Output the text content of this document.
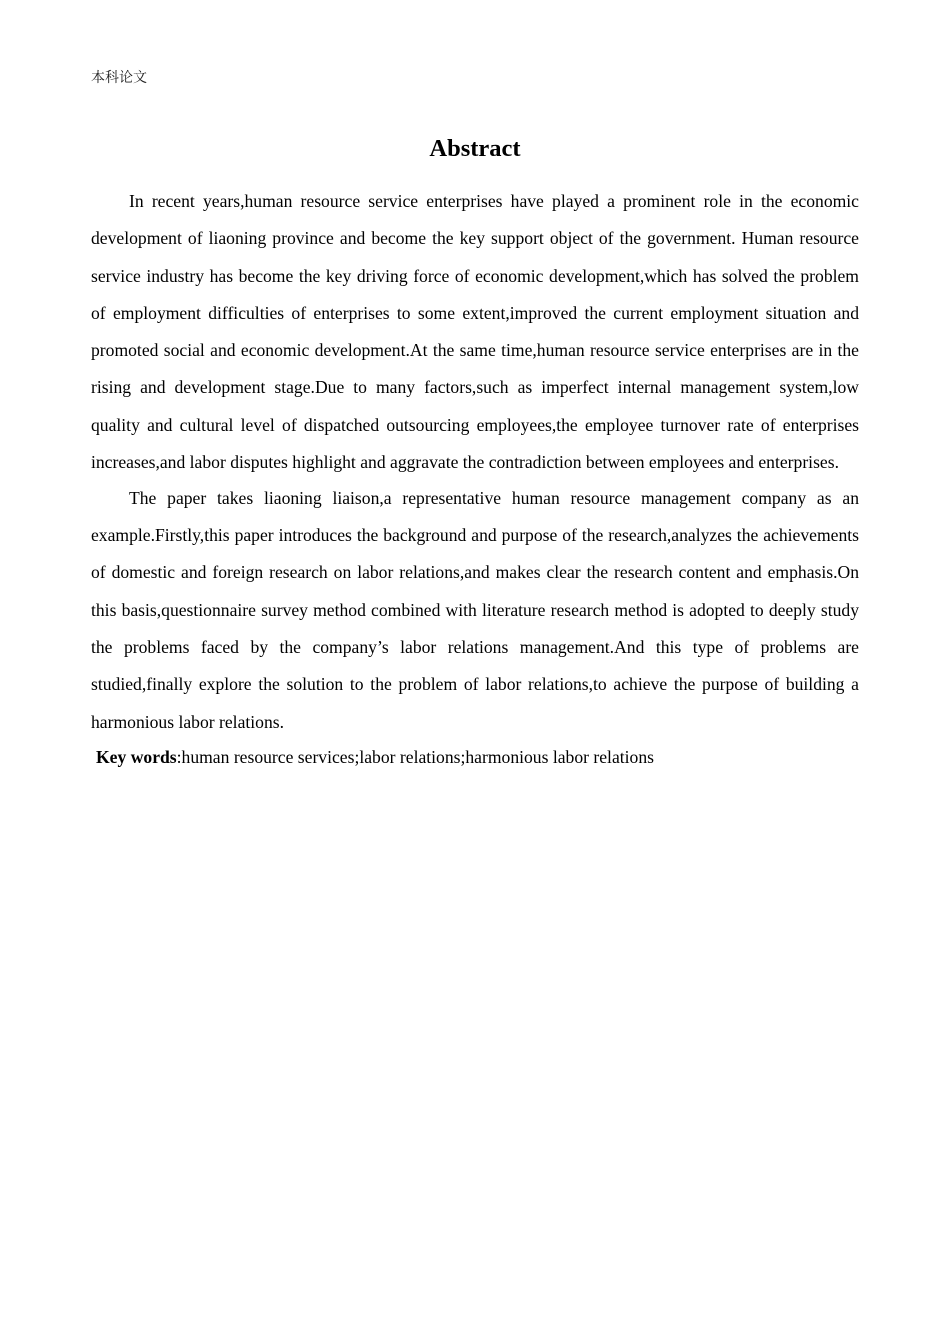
本科论文
Abstract

In recent years,human resource service enterprises have played a prominent role in the economic development of liaoning province and become the key support object of the government. Human resource service industry has become the key driving force of economic development,which has solved the problem of employment difficulties of enterprises to some extent,improved the current employment situation and promoted social and economic development.At the same time,human resource service enterprises are in the rising and development stage.Due to many factors,such as imperfect internal management system,low quality and cultural level of dispatched outsourcing employees,the employee turnover rate of enterprises increases,and labor disputes highlight and aggravate the contradiction between employees and enterprises.

The paper takes liaoning liaison,a representative human resource management company as an example.Firstly,this paper introduces the background and purpose of the research,analyzes the achievements of domestic and foreign research on labor relations,and makes clear the research content and emphasis.On this basis,questionnaire survey method combined with literature research method is adopted to deeply study the problems faced by the company’s labor relations management.And this type of problems are studied,finally explore the solution to the problem of labor relations,to achieve the purpose of building a harmonious labor relations.

Key words:human resource services;labor relations;harmonious labor relations
